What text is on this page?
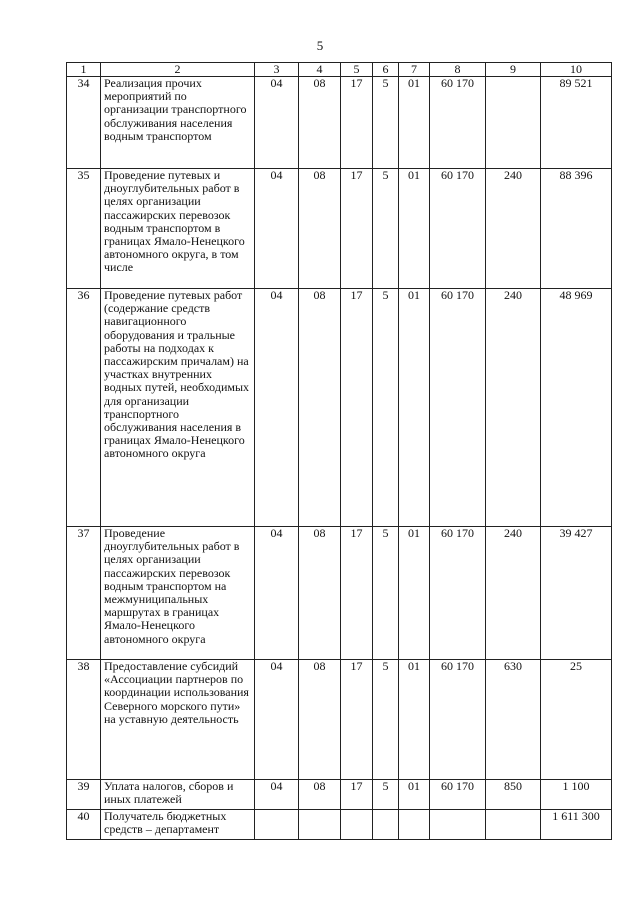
5
1	2	3	4	5	6	7	8	9	10
34	Реализация прочих мероприятий по организации транспортного обслуживания населения водным транспортом	04	08	17	5	01	60 170		89 521
35	Проведение путевых и дноуглубительных работ в целях организации пассажирских перевозок водным транспортом в границах Ямало-Ненецкого автономного округа, в том числе	04	08	17	5	01	60 170	240	88 396
36	Проведение путевых работ (содержание средств навигационного оборудования и тральные работы на подходах к пассажирским причалам) на участках внутренних водных путей, необходимых для организации транспортного обслуживания населения в границах Ямало-Ненецкого автономного округа	04	08	17	5	01	60 170	240	48 969
37	Проведение дноуглубительных работ в целях организации пассажирских перевозок водным транспортом на межмуниципальных маршрутах в границах Ямало-Ненецкого автономного округа	04	08	17	5	01	60 170	240	39 427
38	Предоставление субсидий «Ассоциации партнеров по координации использования Северного морского пути» на уставную деятельность	04	08	17	5	01	60 170	630	25
39	Уплата налогов, сборов и иных платежей	04	08	17	5	01	60 170	850	1 100
40	Получатель бюджетных средств – департамент								1 611 300
